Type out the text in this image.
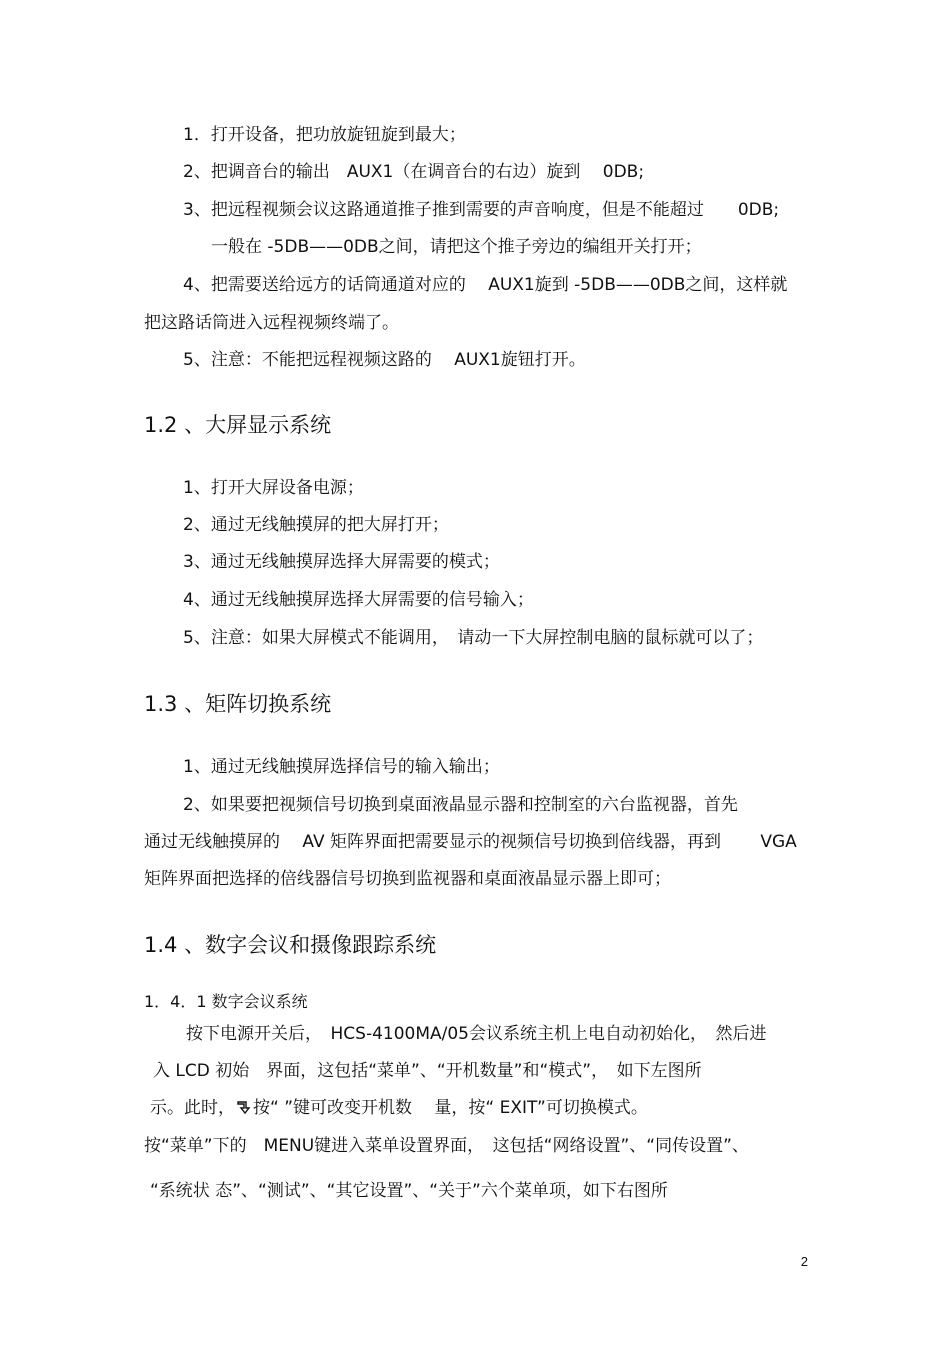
1．打开设备，把功放旋钮旋到最大；
2、把调音台的输出　AUX1（在调音台的右边）旋到　 0DB;
3、把远程视频会议这路通道推子推到需要的声音响度，但是不能超过　　0DB;
一般在 -5DB——0DB之间，请把这个推子旁边的编组开关打开；
4、把需要送给远方的话筒通道对应的　 AUX1旋到 -5DB——0DB之间，这样就
把这路话筒进入远程视频终端了。
5、注意：不能把远程视频这路的　 AUX1旋钮打开。
1.2 、大屏显示系统
1、打开大屏设备电源；
2、通过无线触摸屏的把大屏打开；
3、通过无线触摸屏选择大屏需要的模式；
4、通过无线触摸屏选择大屏需要的信号输入；
5、注意：如果大屏模式不能调用，　请动一下大屏控制电脑的鼠标就可以了；
1.3 、矩阵切换系统
1、通过无线触摸屏选择信号的输入输出；
2、如果要把视频信号切换到桌面液晶显示器和控制室的六台监视器，首先
通过无线触摸屏的　 AV 矩阵界面把需要显示的视频信号切换到倍线器，再到　　 VGA
矩阵界面把选择的倍线器信号切换到监视器和桌面液晶显示器上即可；
1.4 、数字会议和摄像跟踪系统
1．4．1 数字会议系统
按下电源开关后，　HCS-4100MA/05会议系统主机上电自动初始化，　然后进
入 LCD 初始　界面，这包括“菜单”、“开机数量”和“模式”，　如下左图所
示。此时， 按“ ”键可改变开机数　 量，按“ EXIT”可切换模式。
按“菜单”下的　MENU键进入菜单设置界面，　这包括“网络设置”、“同传设置”、
“系统状 态”、“测试”、“其它设置”、“关于”六个菜单项，如下右图所
2
